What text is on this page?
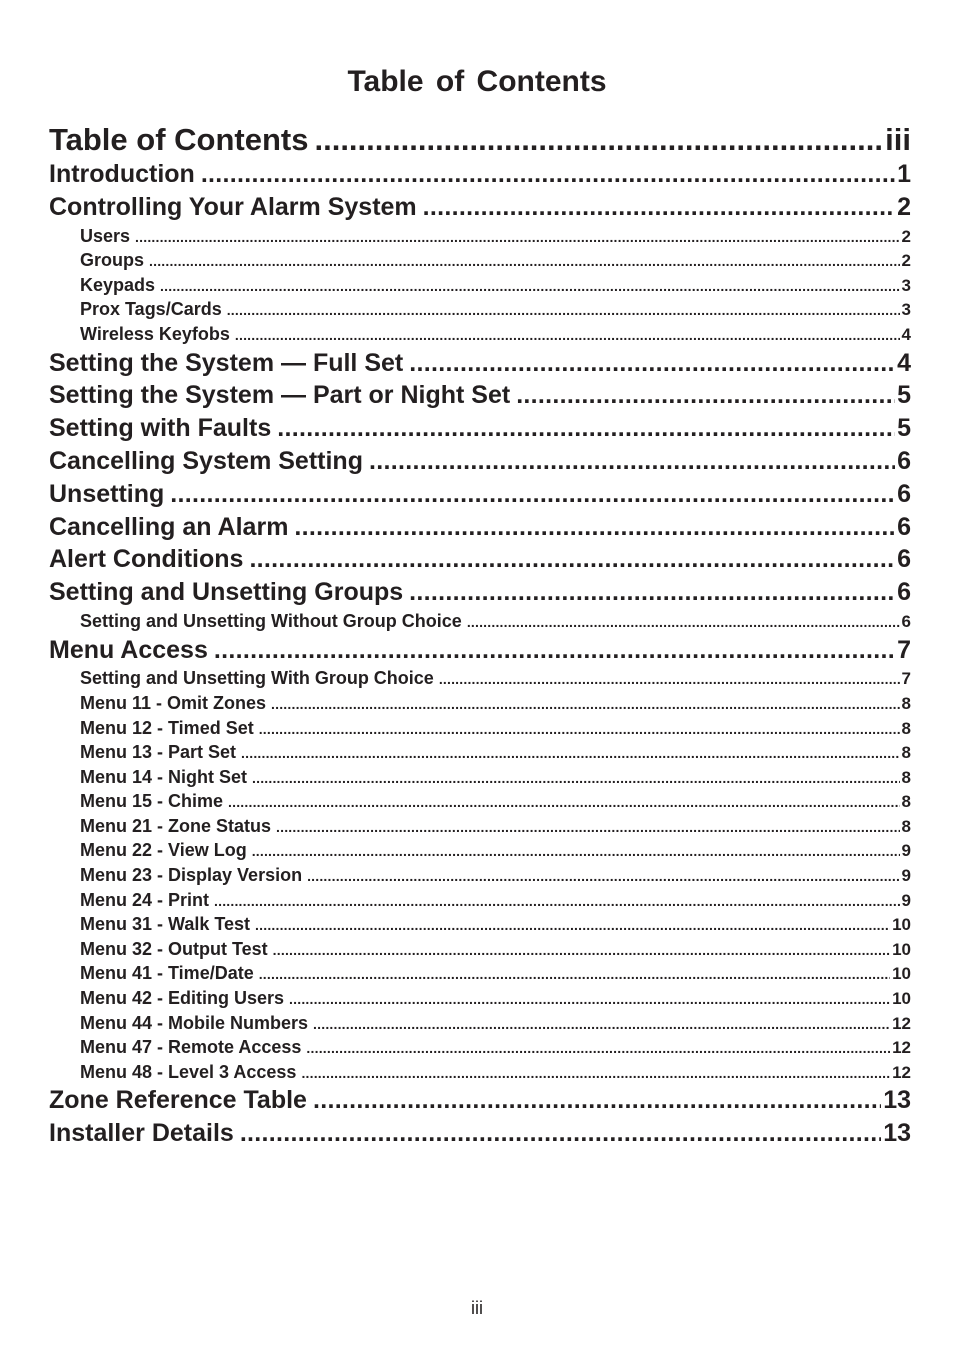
Table of Contents
Table of Contents .....	iii
Introduction .....	1
Controlling Your Alarm System .....	2
Users .....	2
Groups .....	2
Keypads .....	3
Prox Tags/Cards .....	3
Wireless Keyfobs .....	4
Setting the System — Full Set .....	4
Setting the System — Part or Night Set .....	5
Setting with Faults .....	5
Cancelling System Setting .....	6
Unsetting .....	6
Cancelling an Alarm .....	6
Alert Conditions .....	6
Setting and Unsetting Groups .....	6
Setting and Unsetting Without Group Choice .....	6
Menu Access .....	7
Setting and Unsetting With Group Choice .....	7
Menu 11 - Omit Zones .....	8
Menu 12 - Timed Set .....	8
Menu 13 - Part Set .....	8
Menu 14 - Night Set .....	8
Menu 15 - Chime .....	8
Menu 21 - Zone Status .....	8
Menu 22 - View Log .....	9
Menu 23 - Display Version .....	9
Menu 24 - Print .....	9
Menu 31 - Walk Test .....	10
Menu 32 - Output Test .....	10
Menu 41 - Time/Date .....	10
Menu 42 - Editing Users .....	10
Menu 44 - Mobile Numbers .....	12
Menu 47 - Remote Access .....	12
Menu 48 - Level 3 Access .....	12
Zone Reference Table .....	13
Installer Details .....	13
iii
